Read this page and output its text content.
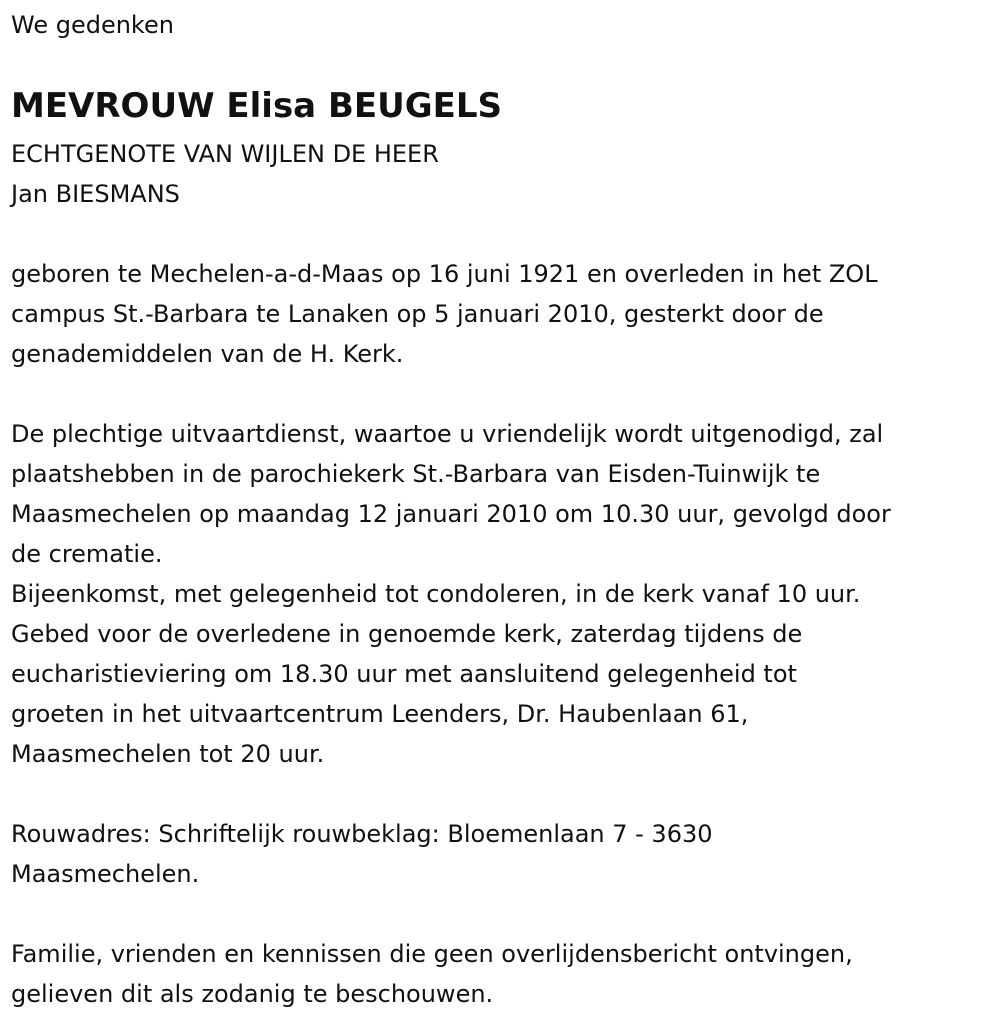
We gedenken
MEVROUW Elisa BEUGELS
ECHTGENOTE VAN WIJLEN DE HEER
Jan BIESMANS
geboren te Mechelen-a-d-Maas op 16 juni 1921 en overleden in het ZOL
campus St.-Barbara te Lanaken op 5 januari 2010, gesterkt door de
genademiddelen van de H. Kerk.
De plechtige uitvaartdienst, waartoe u vriendelijk wordt uitgenodigd, zal
plaatshebben in de parochiekerk St.-Barbara van Eisden-Tuinwijk te
Maasmechelen op maandag 12 januari 2010 om 10.30 uur, gevolgd door
de crematie.
Bijeenkomst, met gelegenheid tot condoleren, in de kerk vanaf 10 uur.
Gebed voor de overledene in genoemde kerk, zaterdag tijdens de
eucharistieviering om 18.30 uur met aansluitend gelegenheid tot
groeten in het uitvaartcentrum Leenders, Dr. Haubenlaan 61,
Maasmechelen tot 20 uur.
Rouwadres: Schriftelijk rouwbeklag: Bloemenlaan 7 - 3630
Maasmechelen.
Familie, vrienden en kennissen die geen overlijdensbericht ontvingen,
gelieven dit als zodanig te beschouwen.
